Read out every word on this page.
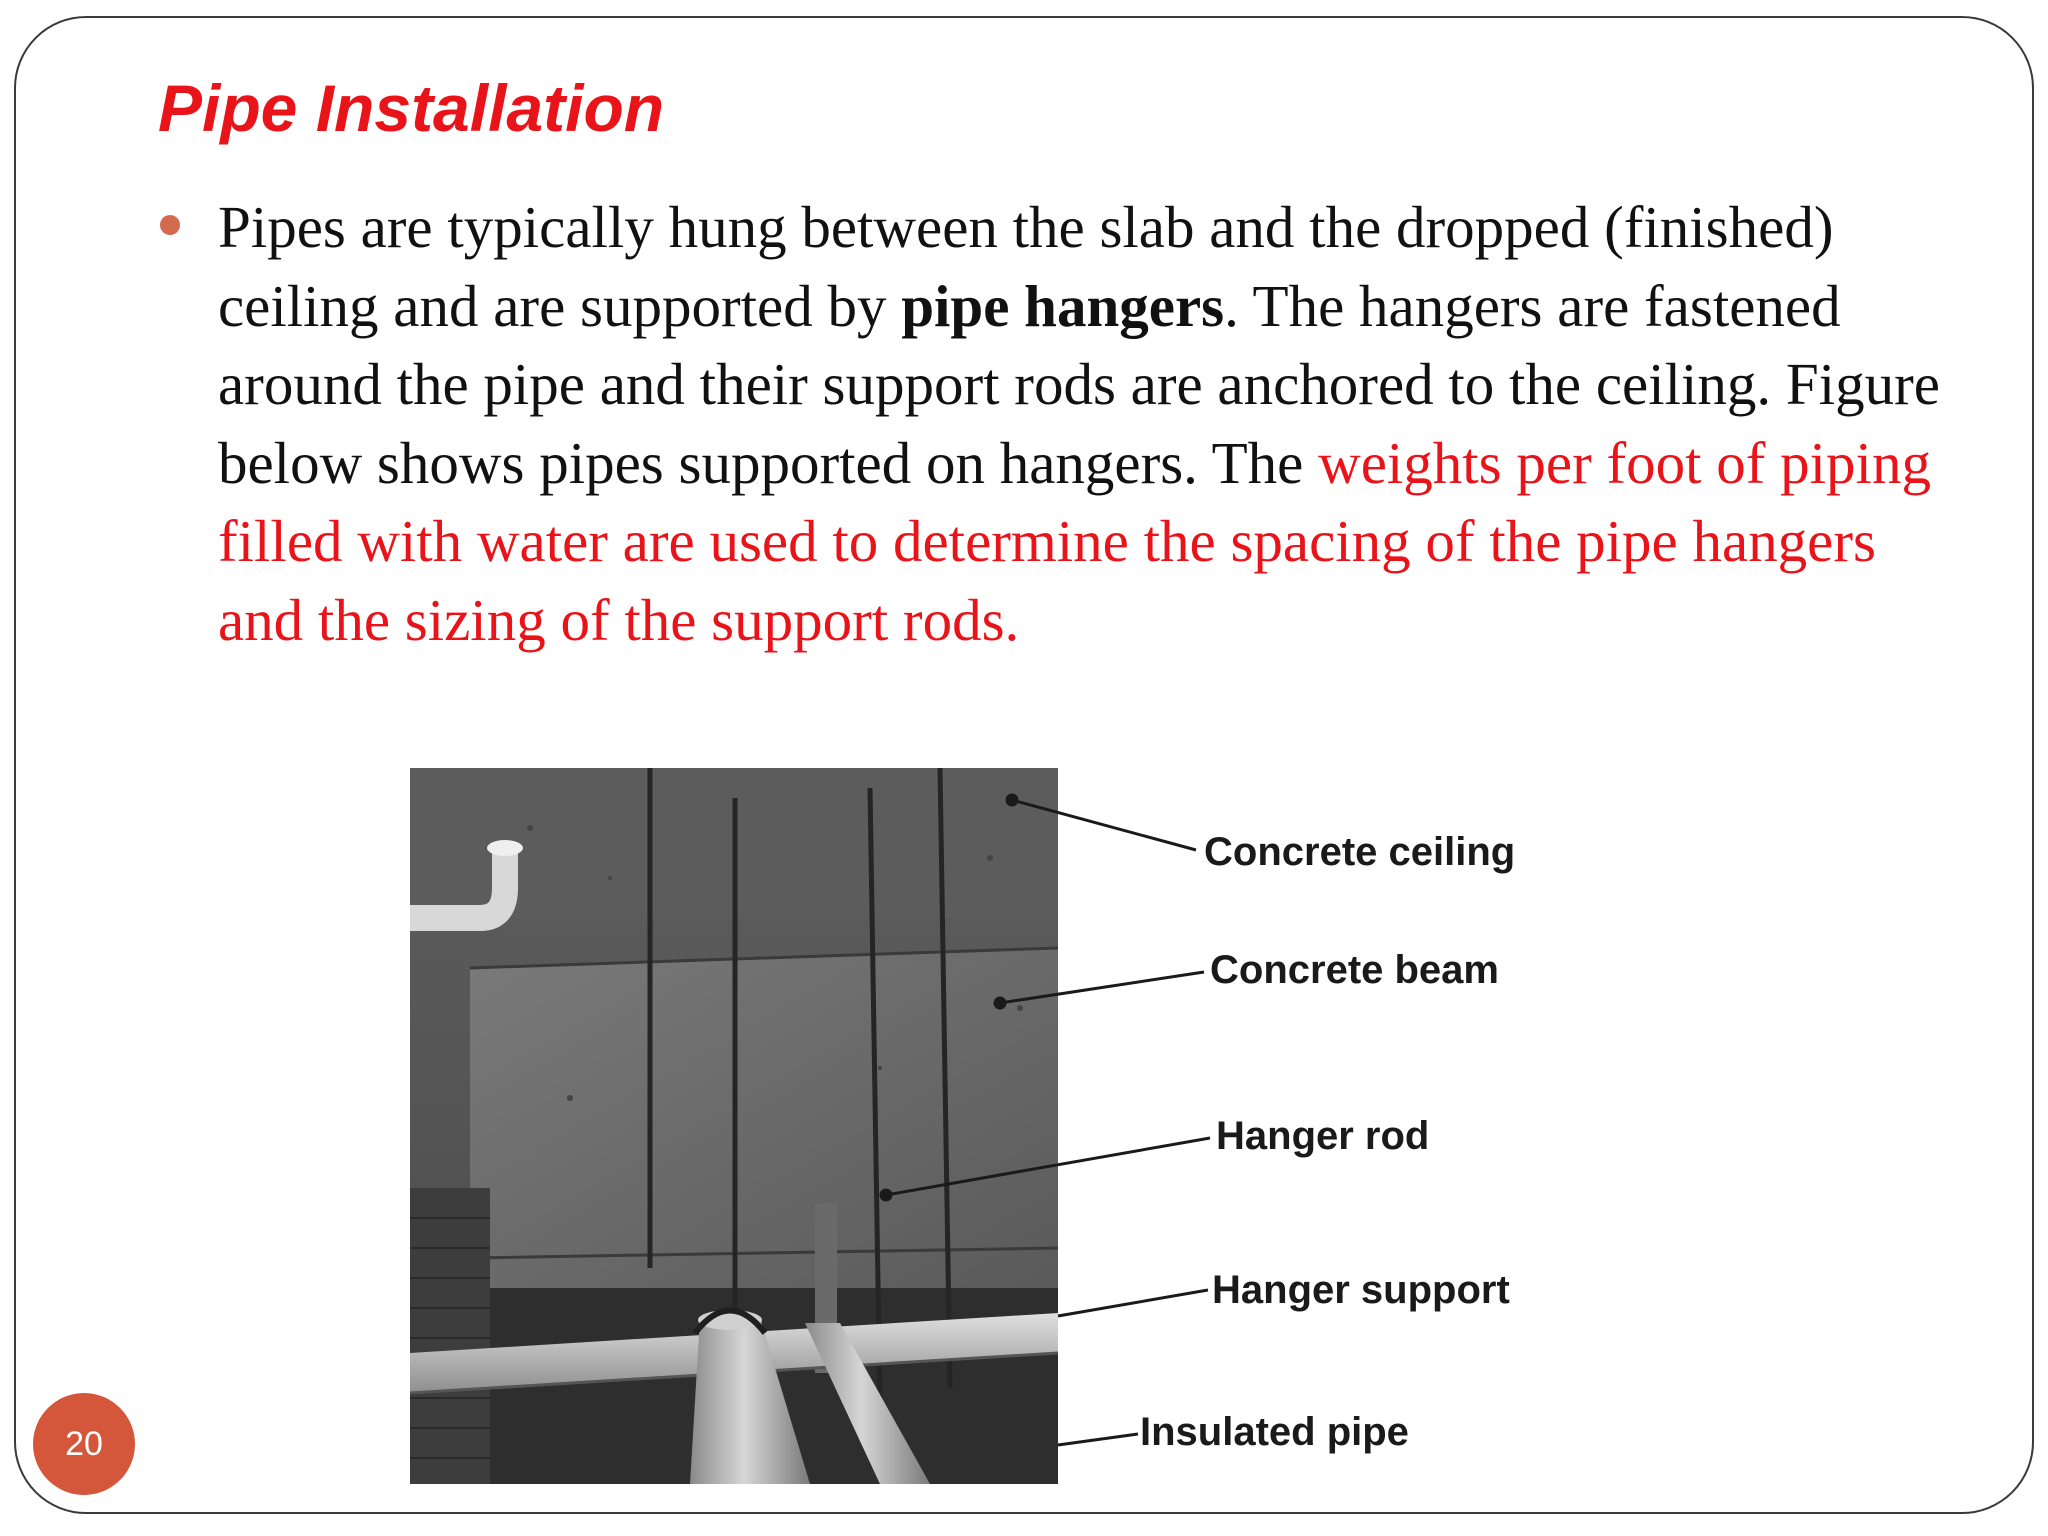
Pipe Installation

Pipes are typically hung between the slab and the dropped (finished) ceiling and are supported by pipe hangers. The hangers are fastened around the pipe and their support rods are anchored to the ceiling. Figure below shows pipes supported on hangers. The weights per foot of piping filled with water are used to determine the spacing of the pipe hangers and the sizing of the support rods.

Concrete ceiling
Concrete beam
Hanger rod
Hanger support
Insulated pipe
20
